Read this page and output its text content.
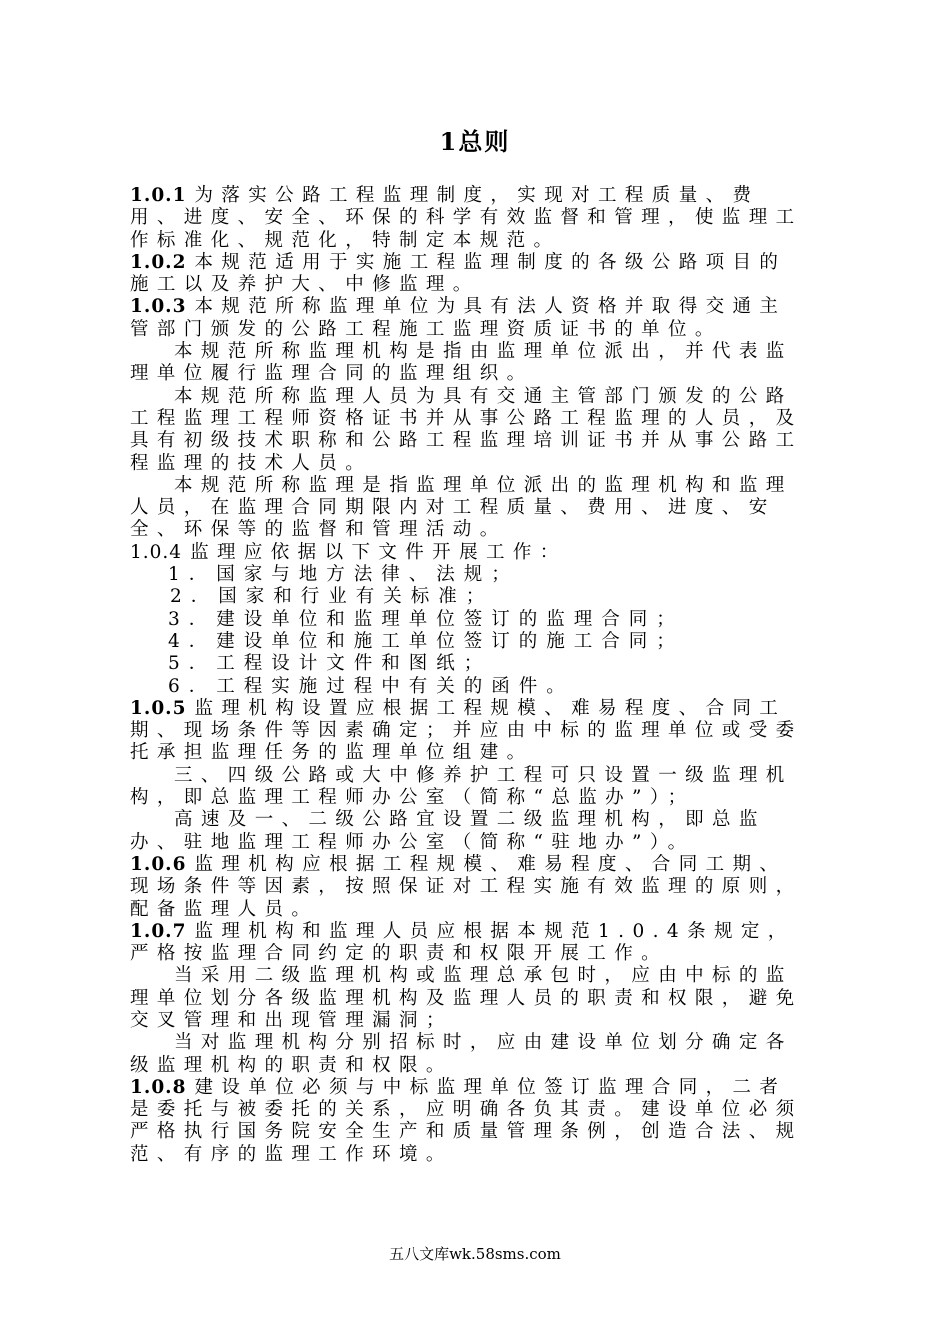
1总则

1.0.1 为落实公路工程监理制度，实现对工程质量、费用、进度、安全、环保的科学有效监督和管理，使监理工作标准化、规范化，特制定本规范。

1.0.2 本规范适用于实施工程监理制度的各级公路项目的施工以及养护大、中修监理。

1.0.3 本规范所称监理单位为具有法人资格并取得交通主管部门颁发的公路工程施工监理资质证书的单位。

本规范所称监理机构是指由监理单位派出，并代表监理单位履行监理合同的监理组织。

本规范所称监理人员为具有交通主管部门颁发的公路工程监理工程师资格证书并从事公路工程监理的人员，及具有初级技术职称和公路工程监理培训证书并从事公路工程监理的技术人员。

本规范所称监理是指监理单位派出的监理机构和监理人员，在监理合同期限内对工程质量、费用、进度、安全、环保等的监督和管理活动。

1.0.4 监理应依据以下文件开展工作：

1．国家与地方法律、法规；

2．国家和行业有关标准；

3．建设单位和监理单位签订的监理合同；

4．建设单位和施工单位签订的施工合同；

5．工程设计文件和图纸；

6．工程实施过程中有关的函件。

1.0.5 监理机构设置应根据工程规模、难易程度、合同工期、现场条件等因素确定；并应由中标的监理单位或受委托承担监理任务的监理单位组建。

三、四级公路或大中修养护工程可只设置一级监理机构，即总监理工程师办公室（简称“总监办”）；

高速及一、二级公路宜设置二级监理机构，即总监办、驻地监理工程师办公室（简称“驻地办”）。

1.0.6 监理机构应根据工程规模、难易程度、合同工期、现场条件等因素，按照保证对工程实施有效监理的原则，配备监理人员。

1.0.7 监理机构和监理人员应根据本规范1.0.4条规定，严格按监理合同约定的职责和权限开展工作。

当采用二级监理机构或监理总承包时，应由中标的监理单位划分各级监理机构及监理人员的职责和权限，避免交叉管理和出现管理漏洞；

当对监理机构分别招标时，应由建设单位划分确定各级监理机构的职责和权限。

1.0.8 建设单位必须与中标监理单位签订监理合同，二者是委托与被委托的关系，应明确各负其责。建设单位必须严格执行国务院安全生产和质量管理条例，创造合法、规范、有序的监理工作环境。

五八文库wk.58sms.com
